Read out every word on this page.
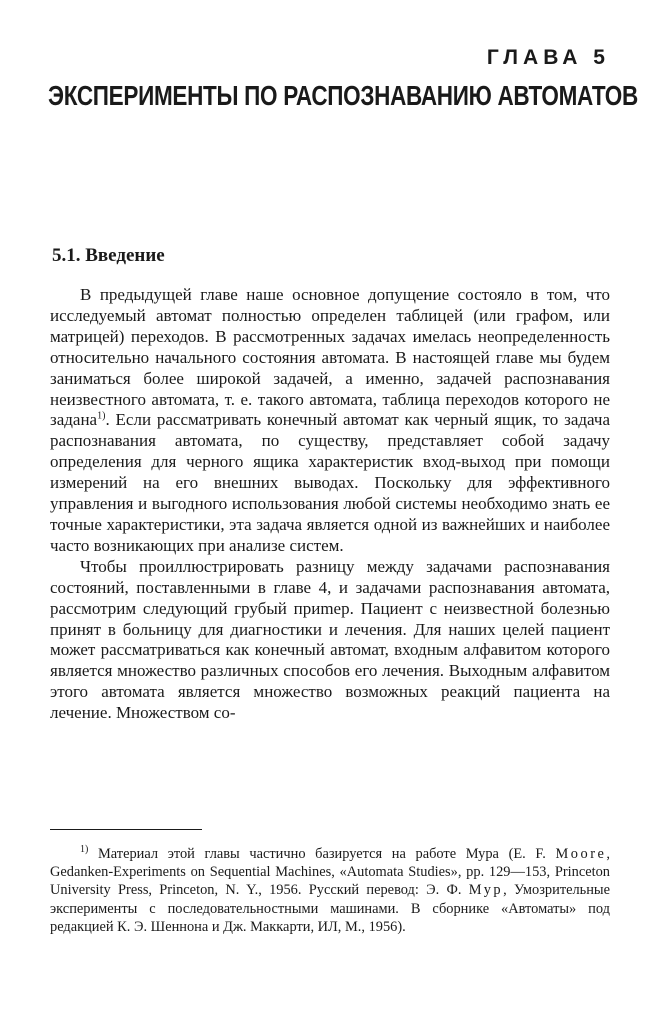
ГЛАВА 5
ЭКСПЕРИМЕНТЫ ПО РАСПОЗНАВАНИЮ АВТОМАТОВ
5.1. Введение

В предыдущей главе наше основное допущение состояло в том, что исследуемый автомат полностью определен таблицей (или графом, или матрицей) переходов. В рассмотренных задачах имелась неопределенность относительно начального состояния автомата. В настоящей главе мы будем заниматься более широкой задачей, а именно, задачей распознавания неизвестного автомата, т. е. такого автомата, таблица переходов которого не задана$^{1)}$. Если рассматривать конечный автомат как черный ящик, то задача распознавания автомата, по существу, представляет собой задачу определения для черного ящика характеристик вход-выход при помощи измерений на его внешних выводах. Поскольку для эффективного управления и выгодного использования любой системы необходимо знать ее точные характеристики, эта задача является одной из важнейших и наиболее часто возникающих при анализе систем.

Чтобы проиллюстрировать разницу между задачами распознавания состояний, поставленными в главе 4, и задачами распознавания автомата, рассмотрим следующий грубый приmер. Пациент с неизвестной болезнью принят в больницу для диагностики и лечения. Для наших целей пациент может рассматриваться как конечный автомат, входным алфавитом которого является множество различных способов его лечения. Выходным алфавитом этого автомата является множество возможных реакций пациента на лечение. Множеством со-

$^{1)}$ Материал этой главы частично базируется на работе Мура (E. F. Moore, Gedanken-Experiments on Sequential Machines, «Automata Studies», pp. 129—153, Princeton University Press, Princeton, N. Y., 1956. Русский перевод: Э. Ф. Мур, Умозрительные эксперименты с последовательностными машинами. В сборнике «Автоматы» под редакцией К. Э. Шеннона и Дж. Маккарти, ИЛ, М., 1956).
